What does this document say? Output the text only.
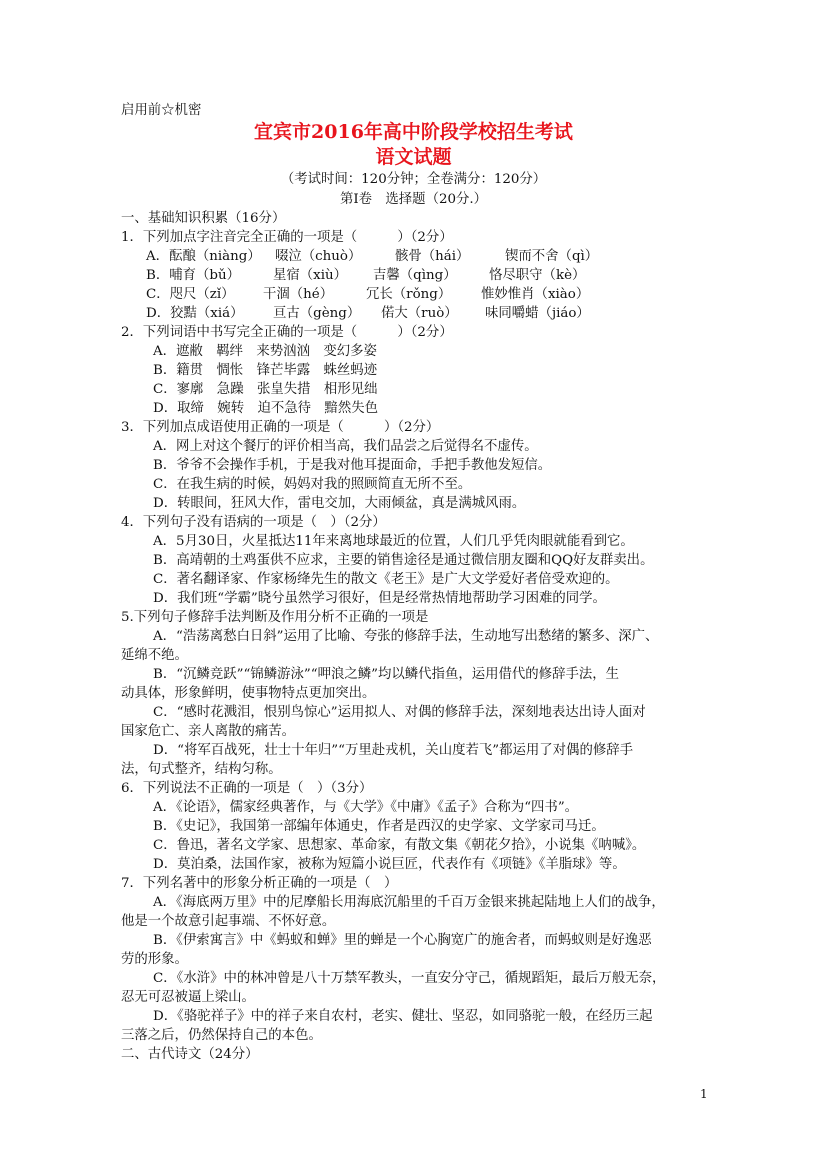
启用前☆机密
宜宾市2016年高中阶段学校招生考试
语文试题
（考试时间：120分钟；全卷满分：120分）
第Ⅰ卷　选择题（20分.）
一、基础知识积累（16分）
1．下列加点字注音完全正确的一项是（　　　）（2分）
A．酝酿（niàng） 啜泣（chuò）	骸骨（hái）	锲而不舍（qì）
B．哺育（bǔ） 星宿（xiù） 吉馨（qìng） 恪尽职守（kè）
C．咫尺（zǐ） 干涸（hé） 冗长（rǒng） 惟妙惟肖（xiào）
D．狡黠（xiá） 亘古（gèng） 偌大（ruò） 味同嚼蜡（jiáo）
2．下列词语中书写完全正确的一项是（　　　）（2分）
A．遮敝　羁绊　来势汹汹　变幻多姿
B．籍贯　惆怅　锋芒毕露　蛛丝蚂迹
C．寥廓　急躁　张皇失措　相形见绌
D．取缔　婉转　迫不急待　黯然失色
3．下列加点成语使用正确的一项是（　　　）（2分）
A．网上对这个餐厅的评价相当高，我们品尝之后觉得名不虚传。
B．爷爷不会操作手机，于是我对他耳提面命，手把手教他发短信。
C．在我生病的时候，妈妈对我的照顾简直无所不至。
D．转眼间，狂风大作，雷电交加，大雨倾盆，真是满城风雨。
4．下列句子没有语病的一项是（　）（2分）
A．5月30日，火星抵达11年来离地球最近的位置，人们几乎凭肉眼就能看到它。
B．高靖朝的土鸡蛋供不应求，主要的销售途径是通过微信朋友圈和QQ好友群卖出。
C．著名翻译家、作家杨绛先生的散文《老王》是广大文学爱好者倍受欢迎的。
D．我们班“学霸”晓兮虽然学习很好，但是经常热情地帮助学习困难的同学。
5.下列句子修辞手法判断及作用分析不正确的一项是
A．“浩荡离愁白日斜”运用了比喻、夸张的修辞手法，生动地写出愁绪的繁多、深广、
延绵不绝。
B．“沉鳞竞跃”“锦鳞游泳”“呷浪之鳞”均以鳞代指鱼，运用借代的修辞手法，生
动具体，形象鲜明，使事物特点更加突出。
C．“感时花溅泪，恨别鸟惊心”运用拟人、对偶的修辞手法，深刻地表达出诗人面对
国家危亡、亲人离散的痛苦。
D．“将军百战死，壮士十年归”“万里赴戎机，关山度若飞”都运用了对偶的修辞手
法，句式整齐，结构匀称。
6．下列说法不正确的一项是（　）（3分）
A．《论语》，儒家经典著作，与《大学》《中庸》《孟子》合称为“四书”。
B．《史记》，我国第一部编年体通史，作者是西汉的史学家、文学家司马迁。
C．鲁迅，著名文学家、思想家、革命家，有散文集《朝花夕拾》，小说集《呐喊》。
D．莫泊桑，法国作家，被称为短篇小说巨匠，代表作有《项链》《羊脂球》等。
7．下列名著中的形象分析正确的一项是（　）
A．《海底两万里》中的尼摩船长用海底沉船里的千百万金银来挑起陆地上人们的战争，
他是一个故意引起事端、不怀好意。
B．《伊索寓言》中《蚂蚁和蝉》里的蝉是一个心胸宽广的施舍者，而蚂蚁则是好逸恶
劳的形象。
C．《水浒》中的林冲曾是八十万禁军教头，一直安分守己，循规蹈矩，最后万般无奈，
忍无可忍被逼上梁山。
D．《骆驼祥子》中的祥子来自农村，老实、健壮、坚忍，如同骆驼一般，在经历三起
三落之后，仍然保持自己的本色。
二、古代诗文（24分）
1
